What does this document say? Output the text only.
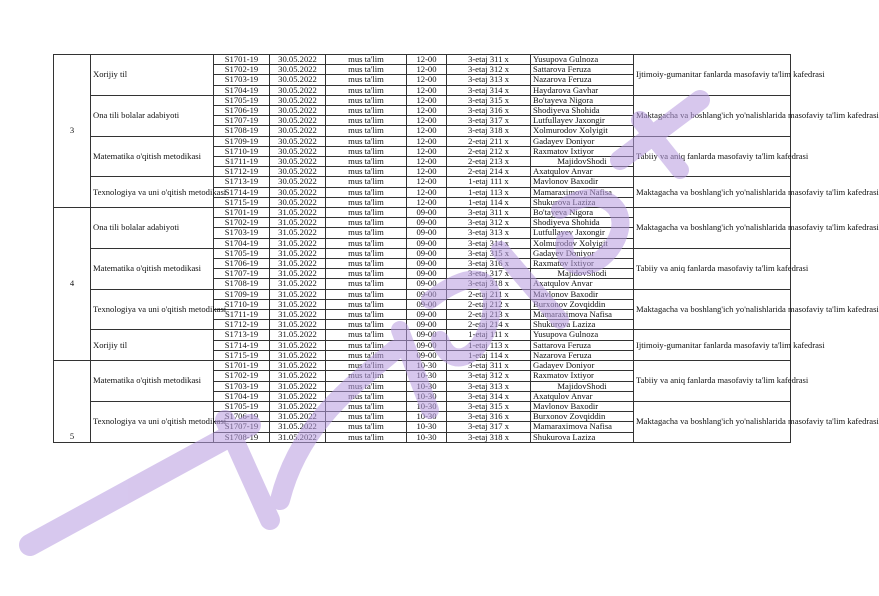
3	Xorijiy til	S1701-19	30.05.2022	mus ta'lim	12-00	3-etaj 311 x	Yusupova Gulnoza	Ijtimoiy-gumanitar fanlarda masofaviy ta'lim kafedrasi
		S1702-19	30.05.2022	mus ta'lim	12-00	3-etaj 312 x	Sattarova Feruza	
		S1703-19	30.05.2022	mus ta'lim	12-00	3-etaj 313 x	Nazarova Feruza	
		S1704-19	30.05.2022	mus ta'lim	12-00	3-etaj 314 x	Haydarova Gavhar	
	Ona tili bolalar adabiyoti	S1705-19	30.05.2022	mus ta'lim	12-00	3-etaj 315 x	Bo'tayeva Nigora	Maktagacha va boshlang'ich yo'nalishlarida masofaviy ta'lim kafedrasi
		S1706-19	30.05.2022	mus ta'lim	12-00	3-etaj 316 x	Shodiyeva Shohida	
		S1707-19	30.05.2022	mus ta'lim	12-00	3-etaj 317 x	Lutfullayev Jaxongir	
		S1708-19	30.05.2022	mus ta'lim	12-00	3-etaj 318 x	Xolmurodov Xolyigit	
	Matematika o'qitish metodikasi	S1709-19	30.05.2022	mus ta'lim	12-00	2-etaj 211 x	Gadayev Doniyor	Tabiiy va aniq fanlarda masofaviy ta'lim kafedrasi
		S1710-19	30.05.2022	mus ta'lim	12-00	2-etaj 212 x	Raxmatov Ixtiyor	
		S1711-19	30.05.2022	mus ta'lim	12-00	2-etaj 213 x	MajidovShodi	
		S1712-19	30.05.2022	mus ta'lim	12-00	2-etaj 214 x	Axatqulov Anvar	
	Texnologiya va uni o'qitish metodikasi	S1713-19	30.05.2022	mus ta'lim	12-00	1-etaj 111 x	Mavlonov Baxodir	Maktagacha va boshlang'ich yo'nalishlarida masofaviy ta'lim kafedrasi
		S1714-19	30.05.2022	mus ta'lim	12-00	1-etaj 113 x	Mamaraximova Nafisa	
		S1715-19	30.05.2022	mus ta'lim	12-00	1-etaj 114 x	Shukurova Laziza	
4	Ona tili bolalar adabiyoti	S1701-19	31.05.2022	mus ta'lim	09-00	3-etaj 311 x	Bo'tayeva Nigora	Maktagacha va boshlang'ich yo'nalishlarida masofaviy ta'lim kafedrasi
		S1702-19	31.05.2022	mus ta'lim	09-00	3-etaj 312 x	Shodiyeva Shohida	
		S1703-19	31.05.2022	mus ta'lim	09-00	3-etaj 313 x	Lutfullayev Jaxongir	
		S1704-19	31.05.2022	mus ta'lim	09-00	3-etaj 314 x	Xolmurodov Xolyigit	
	Matematika o'qitish metodikasi	S1705-19	31.05.2022	mus ta'lim	09-00	3-etaj 315 x	Gadayev Doniyor	Tabiiy va aniq fanlarda masofaviy ta'lim kafedrasi
		S1706-19	31.05.2022	mus ta'lim	09-00	3-etaj 316 x	Raxmatov Ixtiyor	
		S1707-19	31.05.2022	mus ta'lim	09-00	3-etaj 317 x	MajidovShodi	
		S1708-19	31.05.2022	mus ta'lim	09-00	3-etaj 318 x	Axatqulov Anvar	
	Texnologiya va uni o'qitish metodikasi	S1709-19	31.05.2022	mus ta'lim	09-00	2-etaj 211 x	Mavlonov Baxodir	Maktagacha va boshlang'ich yo'nalishlarida masofaviy ta'lim kafedrasi
		S1710-19	31.05.2022	mus ta'lim	09-00	2-etaj 212 x	Burxonov Zovqiddin	
		S1711-19	31.05.2022	mus ta'lim	09-00	2-etaj 213 x	Mamaraximova Nafisa	
		S1712-19	31.05.2022	mus ta'lim	09-00	2-etaj 214 x	Shukurova Laziza	
	Xorijiy til	S1713-19	31.05.2022	mus ta'lim	09-00	1-etaj 111 x	Yusupova Gulnoza	Ijtimoiy-gumanitar fanlarda masofaviy ta'lim kafedrasi
		S1714-19	31.05.2022	mus ta'lim	09-00	1-etaj 113 x	Sattarova Feruza	
		S1715-19	31.05.2022	mus ta'lim	09-00	1-etaj 114 x	Nazarova Feruza	
5	Matematika o'qitish metodikasi	S1701-19	31.05.2022	mus ta'lim	10-30	3-etaj 311 x	Gadayev Doniyor	Tabiiy va aniq fanlarda masofaviy ta'lim kafedrasi
		S1702-19	31.05.2022	mus ta'lim	10-30	3-etaj 312 x	Raxmatov Ixtiyor	
		S1703-19	31.05.2022	mus ta'lim	10-30	3-etaj 313 x	MajidovShodi	
		S1704-19	31.05.2022	mus ta'lim	10-30	3-etaj 314 x	Axatqulov Anvar	
	Texnologiya va uni o'qitish metodikasi	S1705-19	31.05.2022	mus ta'lim	10-30	3-etaj 315 x	Mavlonov Baxodir	Maktagacha va boshlang'ich yo'nalishlarida masofaviy ta'lim kafedrasi
		S1706-19	31.05.2022	mus ta'lim	10-30	3-etaj 316 x	Burxonov Zovqiddin	
		S1707-19	31.05.2022	mus ta'lim	10-30	3-etaj 317 x	Mamaraximova Nafisa	
		S1708-19	31.05.2022	mus ta'lim	10-30	3-etaj 318 x	Shukurova Laziza	
